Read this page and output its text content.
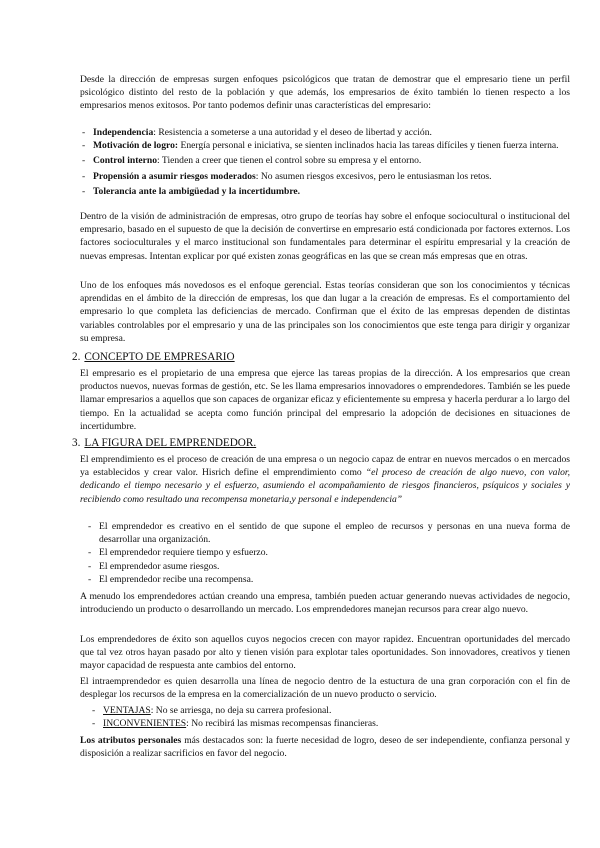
Desde la dirección de empresas surgen enfoques psicológicos que tratan de demostrar que el empresario tiene un perfil psicológico distinto del resto de la población y que además, los empresarios de éxito también lo tienen respecto a los empresarios menos exitosos. Por tanto podemos definir unas características del empresario:

- Independencia: Resistencia a someterse a una autoridad y el deseo de libertad y acción.
- Motivación de logro: Energía personal e iniciativa, se sienten inclinados hacia las tareas difíciles y tienen fuerza interna.
- Control interno: Tienden a creer que tienen el control sobre su empresa y el entorno.
- Propensión a asumir riesgos moderados: No asumen riesgos excesivos, pero le entusiasman los retos.
- Tolerancia ante la ambigüedad y la incertidumbre.

Dentro de la visión de administración de empresas, otro grupo de teorías hay sobre el enfoque sociocultural o institucional del empresario, basado en el supuesto de que la decisión de convertirse en empresario está condicionada por factores externos. Los factores socioculturales y el marco institucional son fundamentales para determinar el espíritu empresarial y la creación de nuevas empresas. Intentan explicar por qué existen zonas geográficas en las que se crean más empresas que en otras.

Uno de los enfoques más novedosos es el enfoque gerencial. Estas teorías consideran que son los conocimientos y técnicas aprendidas en el ámbito de la dirección de empresas, los que dan lugar a la creación de empresas. Es el comportamiento del empresario lo que completa las deficiencias de mercado. Confirman que el éxito de las empresas dependen de distintas variables controlables por el empresario y una de las principales son los conocimientos que este tenga para dirigir y organizar su empresa.

2. CONCEPTO DE EMPRESARIO

El empresario es el propietario de una empresa que ejerce las tareas propias de la dirección. A los empresarios que crean productos nuevos, nuevas formas de gestión, etc. Se les llama empresarios innovadores o emprendedores. También se les puede llamar empresarios a aquellos que son capaces de organizar eficaz y eficientemente su empresa y hacerla perdurar a lo largo del tiempo. En la actualidad se acepta como función principal del empresario la adopción de decisiones en situaciones de incertidumbre.

3. LA FIGURA DEL EMPRENDEDOR.

El emprendimiento es el proceso de creación de una empresa o un negocio capaz de entrar en nuevos mercados o en mercados ya establecidos y crear valor. Hisrich define el emprendimiento como “el proceso de creación de algo nuevo, con valor, dedicando el tiempo necesario y el esfuerzo, asumiendo el acompañamiento de riesgos financieros, psíquicos y sociales y recibiendo como resultado una recompensa monetaria,y personal e independencia”

- El emprendedor es creativo en el sentido de que supone el empleo de recursos y personas en una nueva forma de desarrollar una organización.
- El emprendedor requiere tiempo y esfuerzo.
- El emprendedor asume riesgos.
- El emprendedor recibe una recompensa.

A menudo los emprendedores actúan creando una empresa, también pueden actuar generando nuevas actividades de negocio, introduciendo un producto o desarrollando un mercado. Los emprendedores manejan recursos para crear algo nuevo.

Los emprendedores de éxito son aquellos cuyos negocios crecen con mayor rapidez. Encuentran oportunidades del mercado que tal vez otros hayan pasado por alto y tienen visión para explotar tales oportunidades. Son innovadores, creativos y tienen mayor capacidad de respuesta ante cambios del entorno.

El intraemprendedor es quien desarrolla una línea de negocio dentro de la estuctura de una gran corporación con el fin de desplegar los recursos de la empresa en la comercialización de un nuevo producto o servicio.

- VENTAJAS: No se arriesga, no deja su carrera profesional.
- INCONVENIENTES: No recibirá las mismas recompensas financieras.

Los atributos personales más destacados son: la fuerte necesidad de logro, deseo de ser independiente, confianza personal y disposición a realizar sacrificios en favor del negocio.
